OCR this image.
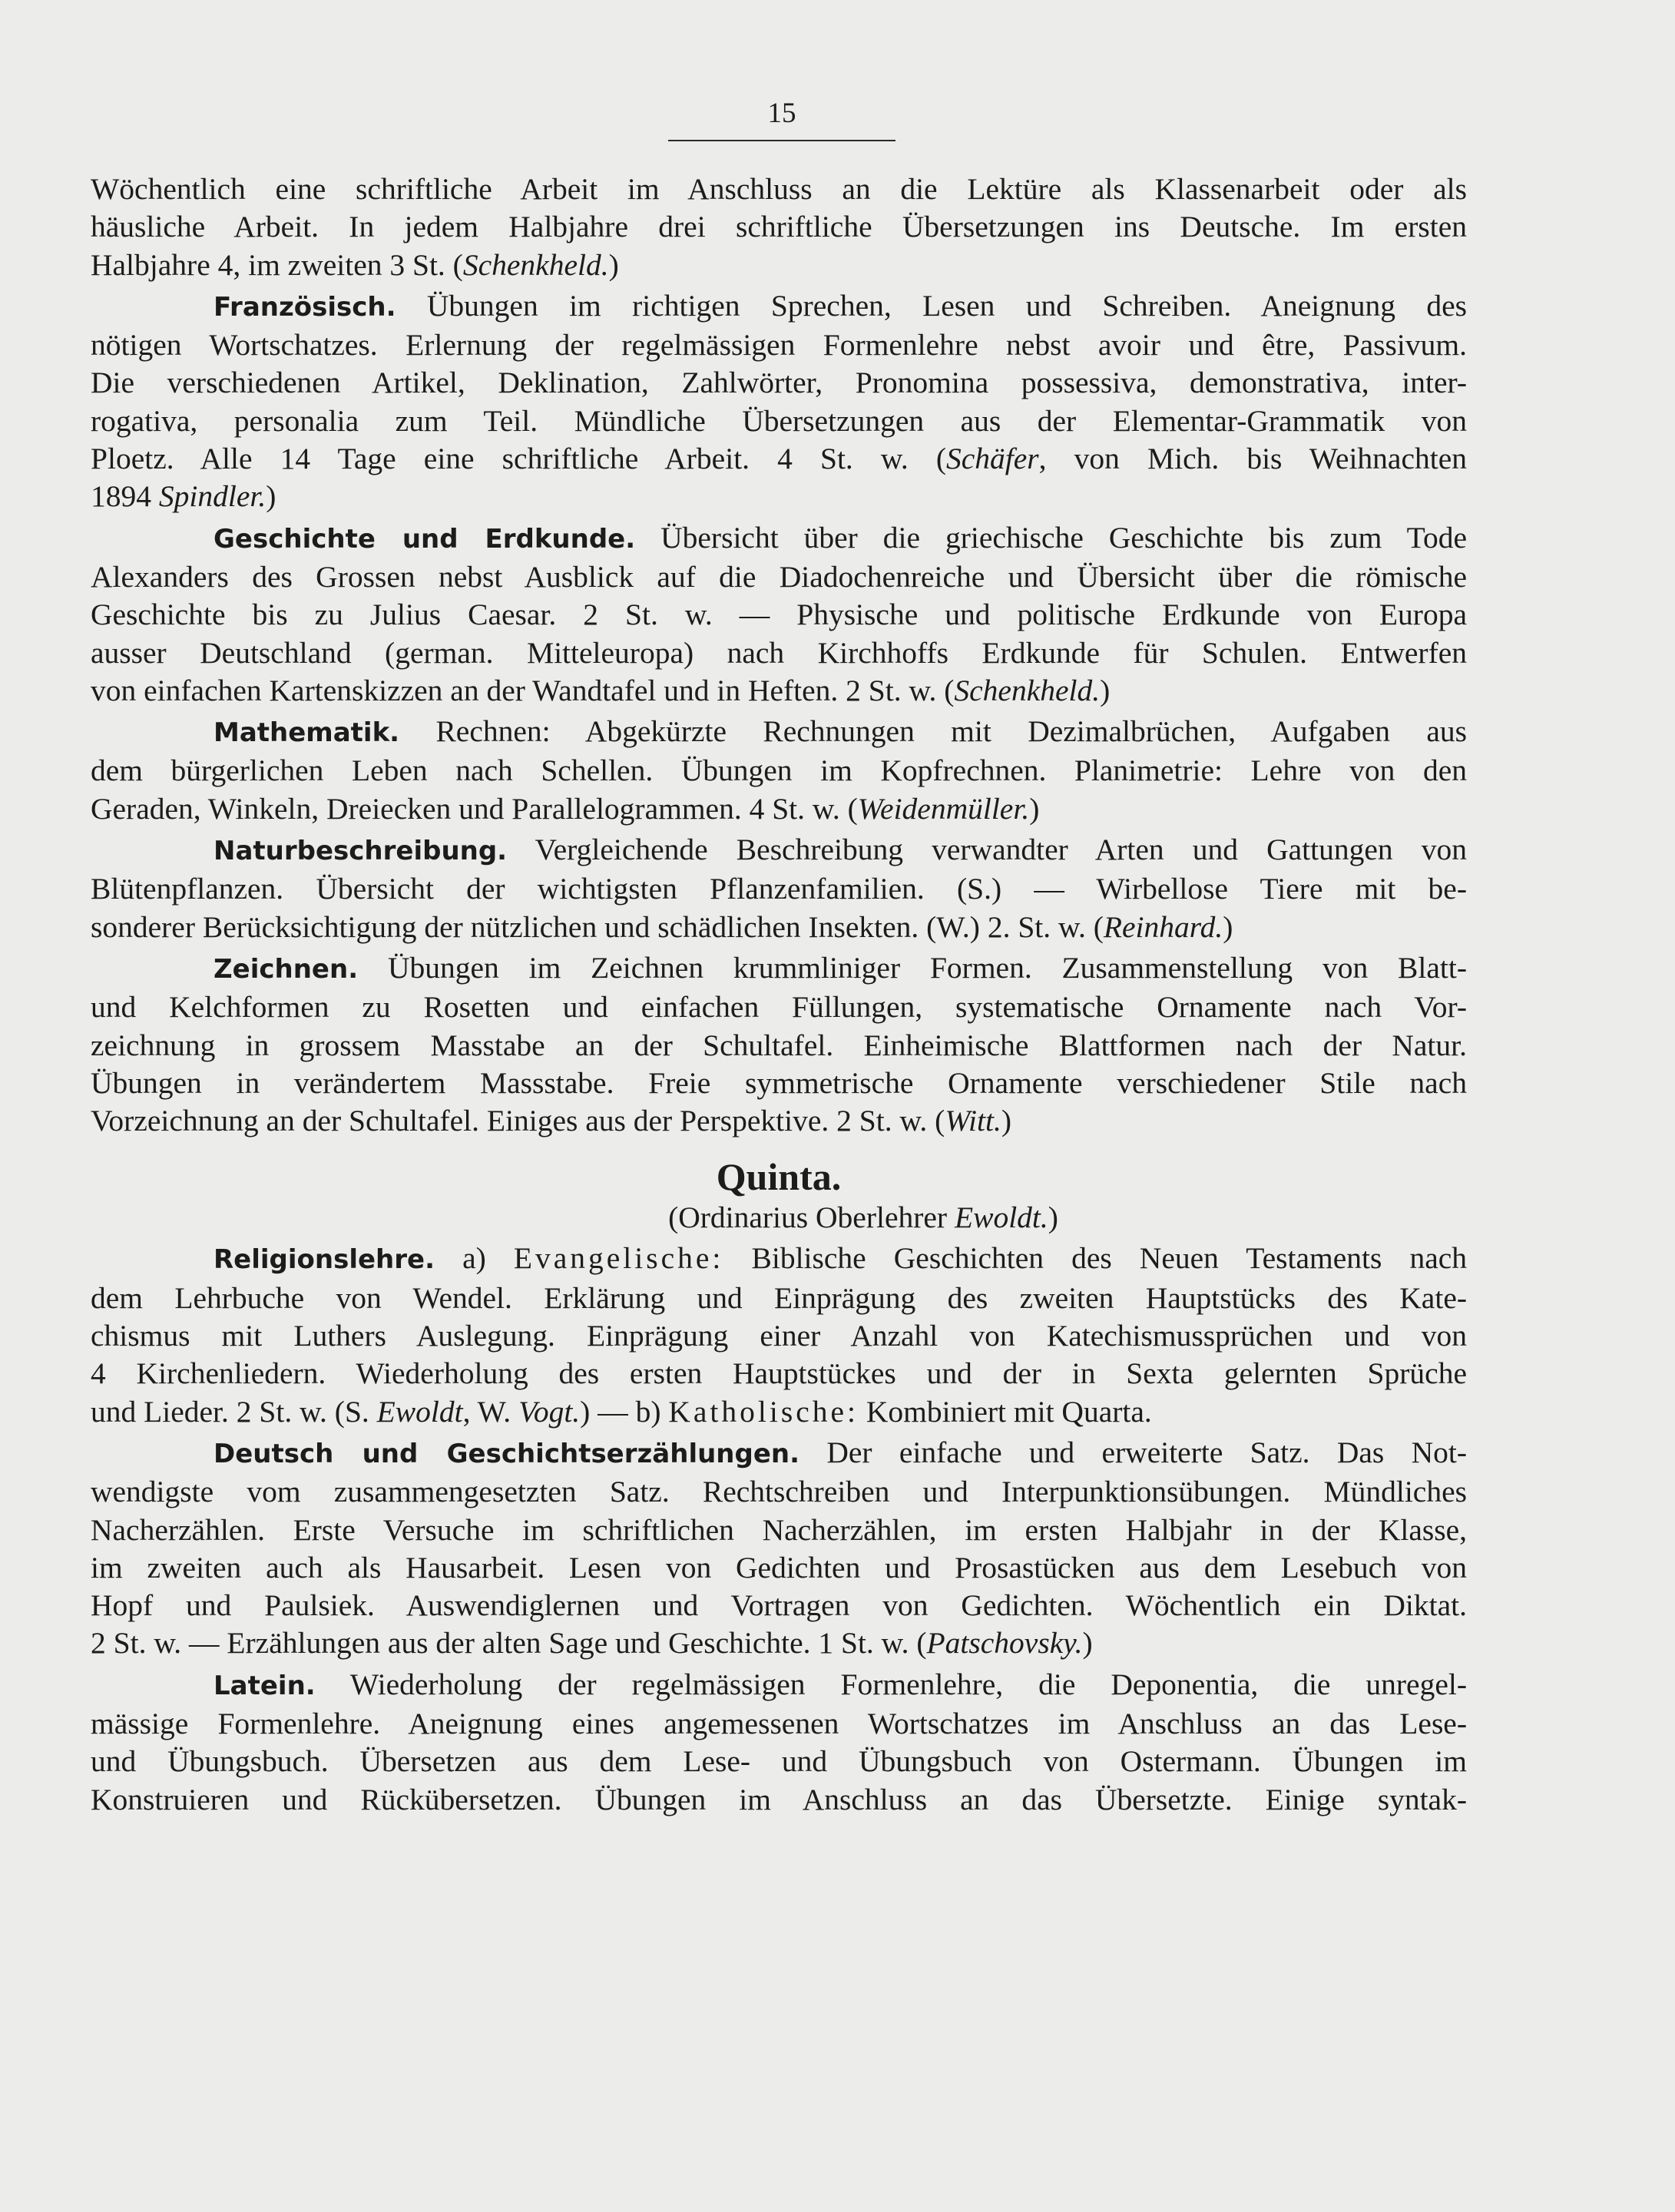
15
Wöchentlich eine schriftliche Arbeit im Anschluss an die Lektüre als Klassenarbeit oder als
häusliche Arbeit. In jedem Halbjahre drei schriftliche Übersetzungen ins Deutsche. Im ersten
Halbjahre 4, im zweiten 3 St. (Schenkheld.)
Französisch. Übungen im richtigen Sprechen, Lesen und Schreiben. Aneignung des
nötigen Wortschatzes. Erlernung der regelmässigen Formenlehre nebst avoir und être, Passivum.
Die verschiedenen Artikel, Deklination, Zahlwörter, Pronomina possessiva, demonstrativa, inter-
rogativa, personalia zum Teil. Mündliche Übersetzungen aus der Elementar-Grammatik von
Ploetz. Alle 14 Tage eine schriftliche Arbeit. 4 St. w. (Schäfer, von Mich. bis Weihnachten
1894 Spindler.)
Geschichte und Erdkunde. Übersicht über die griechische Geschichte bis zum Tode
Alexanders des Grossen nebst Ausblick auf die Diadochenreiche und Übersicht über die römische
Geschichte bis zu Julius Caesar. 2 St. w. — Physische und politische Erdkunde von Europa
ausser Deutschland (german. Mitteleuropa) nach Kirchhoffs Erdkunde für Schulen. Entwerfen
von einfachen Kartenskizzen an der Wandtafel und in Heften. 2 St. w. (Schenkheld.)
Mathematik. Rechnen: Abgekürzte Rechnungen mit Dezimalbrüchen, Aufgaben aus
dem bürgerlichen Leben nach Schellen. Übungen im Kopfrechnen. Planimetrie: Lehre von den
Geraden, Winkeln, Dreiecken und Parallelogrammen. 4 St. w. (Weidenmüller.)
Naturbeschreibung. Vergleichende Beschreibung verwandter Arten und Gattungen von
Blütenpflanzen. Übersicht der wichtigsten Pflanzenfamilien. (S.) — Wirbellose Tiere mit be-
sonderer Berücksichtigung der nützlichen und schädlichen Insekten. (W.) 2. St. w. (Reinhard.)
Zeichnen. Übungen im Zeichnen krummliniger Formen. Zusammenstellung von Blatt-
und Kelchformen zu Rosetten und einfachen Füllungen, systematische Ornamente nach Vor-
zeichnung in grossem Masstabe an der Schultafel. Einheimische Blattformen nach der Natur.
Übungen in verändertem Massstabe. Freie symmetrische Ornamente verschiedener Stile nach
Vorzeichnung an der Schultafel. Einiges aus der Perspektive. 2 St. w. (Witt.)
Quinta.
(Ordinarius Oberlehrer Ewoldt.)
Religionslehre. a) Evangelische: Biblische Geschichten des Neuen Testaments nach
dem Lehrbuche von Wendel. Erklärung und Einprägung des zweiten Hauptstücks des Kate-
chismus mit Luthers Auslegung. Einprägung einer Anzahl von Katechismussprüchen und von
4 Kirchenliedern. Wiederholung des ersten Hauptstückes und der in Sexta gelernten Sprüche
und Lieder. 2 St. w. (S. Ewoldt, W. Vogt.) — b) Katholische: Kombiniert mit Quarta.
Deutsch und Geschichtserzählungen. Der einfache und erweiterte Satz. Das Not-
wendigste vom zusammengesetzten Satz. Rechtschreiben und Interpunktionsübungen. Mündliches
Nacherzählen. Erste Versuche im schriftlichen Nacherzählen, im ersten Halbjahr in der Klasse,
im zweiten auch als Hausarbeit. Lesen von Gedichten und Prosastücken aus dem Lesebuch von
Hopf und Paulsiek. Auswendiglernen und Vortragen von Gedichten. Wöchentlich ein Diktat.
2 St. w. — Erzählungen aus der alten Sage und Geschichte. 1 St. w. (Patschovsky.)
Latein. Wiederholung der regelmässigen Formenlehre, die Deponentia, die unregel-
mässige Formenlehre. Aneignung eines angemessenen Wortschatzes im Anschluss an das Lese-
und Übungsbuch. Übersetzen aus dem Lese- und Übungsbuch von Ostermann. Übungen im
Konstruieren und Rückübersetzen. Übungen im Anschluss an das Übersetzte. Einige syntak-
